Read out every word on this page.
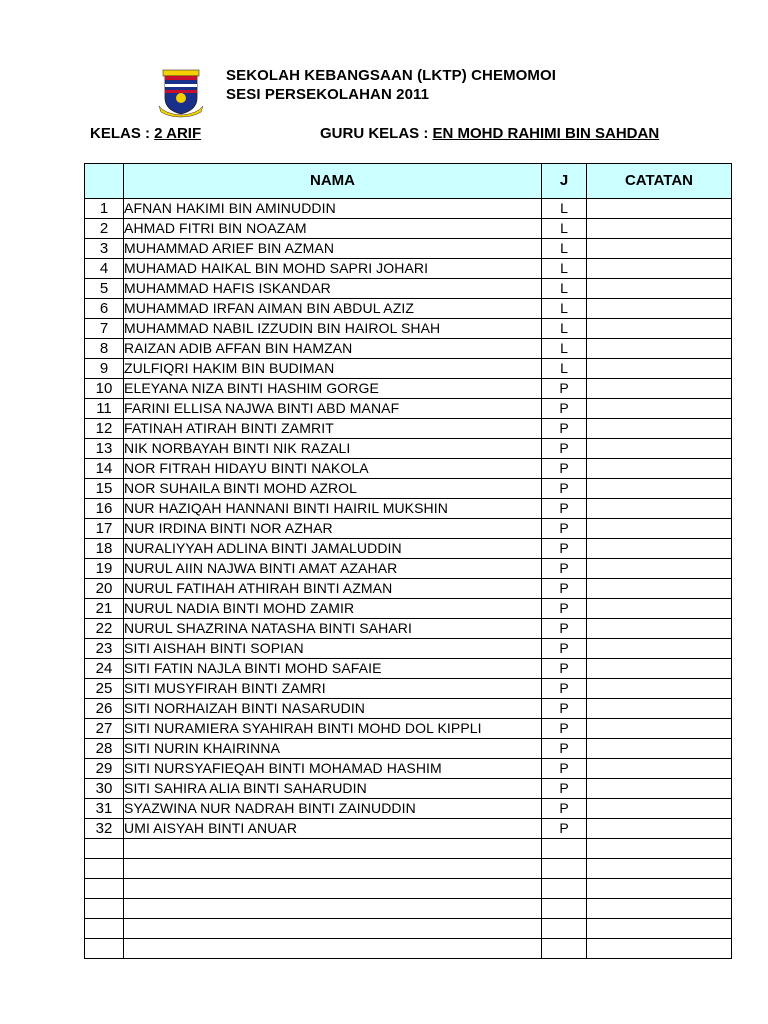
SEKOLAH KEBANGSAAN (LKTP) CHEMOMOI
SESI PERSEKOLAHAN 2011
KELAS : 2 ARIF	GURU KELAS : EN MOHD RAHIMI BIN SAHDAN
	NAMA	J	CATATAN
1	AFNAN HAKIMI BIN AMINUDDIN	L	
2	AHMAD FITRI BIN NOAZAM	L	
3	MUHAMMAD ARIEF BIN AZMAN	L	
4	MUHAMAD HAIKAL BIN MOHD SAPRI JOHARI	L	
5	MUHAMMAD HAFIS ISKANDAR	L	
6	MUHAMMAD IRFAN AIMAN BIN ABDUL AZIZ	L	
7	MUHAMMAD NABIL IZZUDIN BIN HAIROL SHAH	L	
8	RAIZAN ADIB AFFAN BIN HAMZAN	L	
9	ZULFIQRI HAKIM BIN BUDIMAN	L	
10	ELEYANA NIZA BINTI HASHIM GORGE	P	
11	FARINI ELLISA NAJWA BINTI ABD MANAF	P	
12	FATINAH ATIRAH BINTI ZAMRIT	P	
13	NIK NORBAYAH BINTI NIK RAZALI	P	
14	NOR FITRAH HIDAYU BINTI NAKOLA	P	
15	NOR SUHAILA BINTI MOHD AZROL	P	
16	NUR HAZIQAH HANNANI BINTI HAIRIL MUKSHIN	P	
17	NUR IRDINA BINTI NOR AZHAR	P	
18	NURALIYYAH ADLINA BINTI JAMALUDDIN	P	
19	NURUL AIIN NAJWA BINTI AMAT AZAHAR	P	
20	NURUL FATIHAH ATHIRAH BINTI AZMAN	P	
21	NURUL NADIA BINTI MOHD ZAMIR	P	
22	NURUL SHAZRINA NATASHA BINTI SAHARI	P	
23	SITI AISHAH BINTI SOPIAN	P	
24	SITI FATIN NAJLA BINTI MOHD SAFAIE	P	
25	SITI MUSYFIRAH BINTI ZAMRI	P	
26	SITI NORHAIZAH BINTI NASARUDIN	P	
27	SITI NURAMIERA SYAHIRAH BINTI MOHD DOL KIPPLI	P	
28	SITI NURIN KHAIRINNA	P	
29	SITI NURSYAFIEQAH BINTI MOHAMAD HASHIM	P	
30	SITI SAHIRA ALIA BINTI SAHARUDIN	P	
31	SYAZWINA NUR NADRAH BINTI ZAINUDDIN	P	
32	UMI AISYAH BINTI ANUAR	P	
